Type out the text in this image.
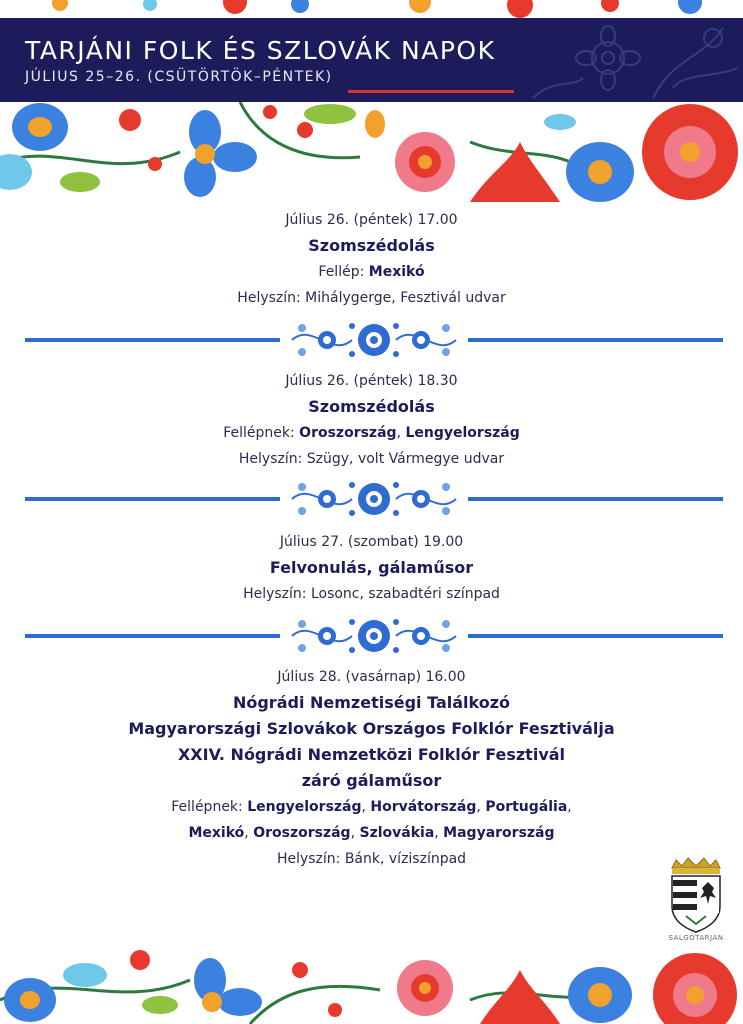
TARJÁNI FOLK ÉS SZLOVÁK NAPOK
JÚLIUS 25–26. (CSÜTÖRTÖK–PÉNTEK)
Július 26. (péntek) 17.00
Szomszédolás
Fellép: Mexikó
Helyszín: Mihálygerge, Fesztivál udvar
Július 26. (péntek) 18.30
Szomszédolás
Fellépnek: Oroszország, Lengyelország
Helyszín: Szügy, volt Vármegye udvar
Július 27. (szombat) 19.00
Felvonulás, gálaműsor
Helyszín: Losonc, szabadtéri színpad
Július 28. (vasárnap) 16.00
Nógrádi Nemzetiségi Találkozó
Magyarországi Szlovákok Országos Folklór Fesztiválja
XXIV. Nógrádi Nemzetközi Folklór Fesztivál
záró gálaműsor
Fellépnek: Lengyelország, Horvátország, Portugália,
Mexikó, Oroszország, Szlovákia, Magyarország
Helyszín: Bánk, víziszínpad
SALGÓTARJÁN
